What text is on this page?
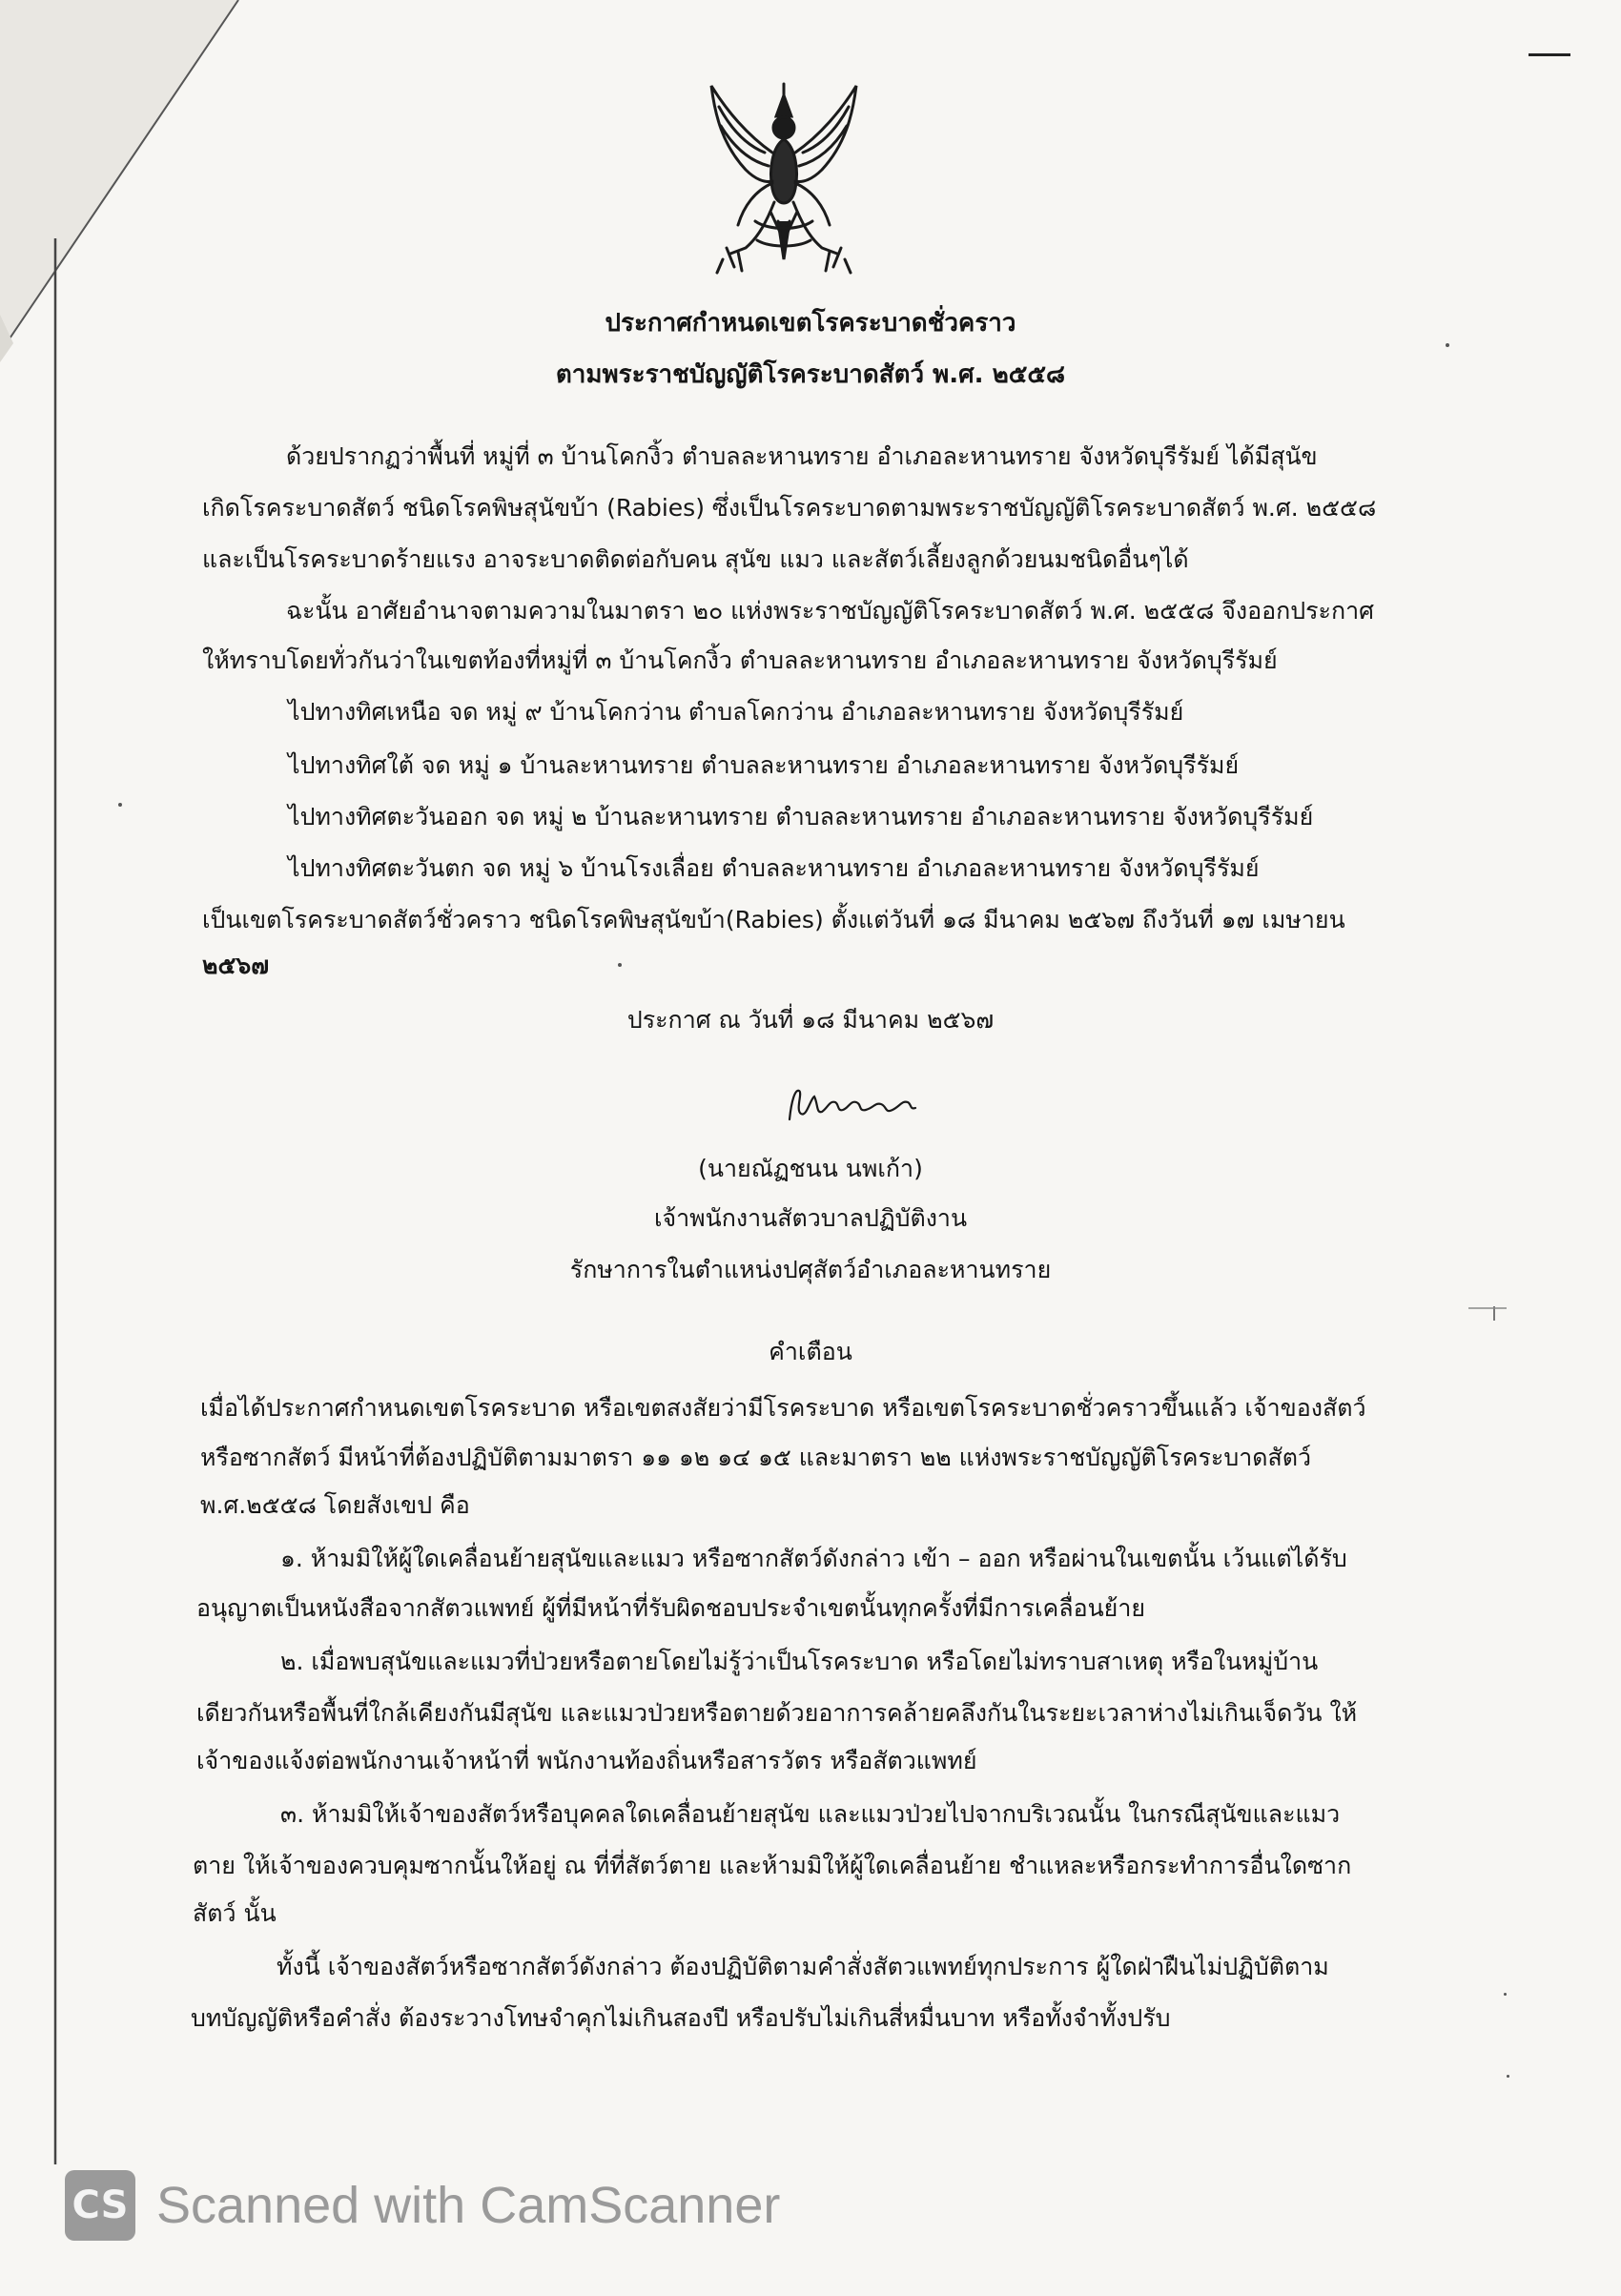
ประกาศกำหนดเขตโรคระบาดชั่วคราว
ตามพระราชบัญญัติโรคระบาดสัตว์ พ.ศ. ๒๕๕๘
ด้วยปรากฏว่าพื้นที่ หมู่ที่ ๓ บ้านโคกงิ้ว ตำบลละหานทราย อำเภอละหานทราย จังหวัดบุรีรัมย์ ได้มีสุนัข
เกิดโรคระบาดสัตว์ ชนิดโรคพิษสุนัขบ้า (Rabies) ซึ่งเป็นโรคระบาดตามพระราชบัญญัติโรคระบาดสัตว์ พ.ศ. ๒๕๕๘
และเป็นโรคระบาดร้ายแรง อาจระบาดติดต่อกับคน สุนัข แมว และสัตว์เลี้ยงลูกด้วยนมชนิดอื่นๆได้
ฉะนั้น อาศัยอำนาจตามความในมาตรา ๒๐ แห่งพระราชบัญญัติโรคระบาดสัตว์ พ.ศ. ๒๕๕๘ จึงออกประกาศ
ให้ทราบโดยทั่วกันว่าในเขตท้องที่หมู่ที่ ๓ บ้านโคกงิ้ว ตำบลละหานทราย อำเภอละหานทราย จังหวัดบุรีรัมย์
ไปทางทิศเหนือ จด หมู่ ๙ บ้านโคกว่าน ตำบลโคกว่าน อำเภอละหานทราย จังหวัดบุรีรัมย์
ไปทางทิศใต้ จด หมู่ ๑ บ้านละหานทราย ตำบลละหานทราย อำเภอละหานทราย จังหวัดบุรีรัมย์
ไปทางทิศตะวันออก จด หมู่ ๒ บ้านละหานทราย ตำบลละหานทราย อำเภอละหานทราย จังหวัดบุรีรัมย์
ไปทางทิศตะวันตก จด หมู่ ๖ บ้านโรงเลื่อย ตำบลละหานทราย อำเภอละหานทราย จังหวัดบุรีรัมย์
เป็นเขตโรคระบาดสัตว์ชั่วคราว ชนิดโรคพิษสุนัขบ้า(Rabies) ตั้งแต่วันที่ ๑๘ มีนาคม ๒๕๖๗ ถึงวันที่ ๑๗ เมษายน
๒๕๖๗
ประกาศ ณ วันที่ ๑๘ มีนาคม ๒๕๖๗
(นายณัฏชนน นพเก้า)
เจ้าพนักงานสัตวบาลปฏิบัติงาน
รักษาการในตำแหน่งปศุสัตว์อำเภอละหานทราย
คำเตือน
เมื่อได้ประกาศกำหนดเขตโรคระบาด หรือเขตสงสัยว่ามีโรคระบาด หรือเขตโรคระบาดชั่วคราวขึ้นแล้ว เจ้าของสัตว์
หรือซากสัตว์ มีหน้าที่ต้องปฏิบัติตามมาตรา ๑๑ ๑๒ ๑๔ ๑๕ และมาตรา ๒๒ แห่งพระราชบัญญัติโรคระบาดสัตว์
พ.ศ.๒๕๕๘ โดยสังเขป คือ
๑. ห้ามมิให้ผู้ใดเคลื่อนย้ายสุนัขและแมว หรือซากสัตว์ดังกล่าว เข้า – ออก หรือผ่านในเขตนั้น เว้นแต่ได้รับ
อนุญาตเป็นหนังสือจากสัตวแพทย์ ผู้ที่มีหน้าที่รับผิดชอบประจำเขตนั้นทุกครั้งที่มีการเคลื่อนย้าย
๒. เมื่อพบสุนัขและแมวที่ป่วยหรือตายโดยไม่รู้ว่าเป็นโรคระบาด หรือโดยไม่ทราบสาเหตุ หรือในหมู่บ้าน
เดียวกันหรือพื้นที่ใกล้เคียงกันมีสุนัข และแมวป่วยหรือตายด้วยอาการคล้ายคลึงกันในระยะเวลาห่างไม่เกินเจ็ดวัน ให้
เจ้าของแจ้งต่อพนักงานเจ้าหน้าที่ พนักงานท้องถิ่นหรือสารวัตร หรือสัตวแพทย์
๓. ห้ามมิให้เจ้าของสัตว์หรือบุคคลใดเคลื่อนย้ายสุนัข และแมวป่วยไปจากบริเวณนั้น ในกรณีสุนัขและแมว
ตาย ให้เจ้าของควบคุมซากนั้นให้อยู่ ณ ที่ที่สัตว์ตาย และห้ามมิให้ผู้ใดเคลื่อนย้าย ชำแหละหรือกระทำการอื่นใดซาก
สัตว์ นั้น
ทั้งนี้ เจ้าของสัตว์หรือซากสัตว์ดังกล่าว ต้องปฏิบัติตามคำสั่งสัตวแพทย์ทุกประการ ผู้ใดฝ่าฝืนไม่ปฏิบัติตาม
บทบัญญัติหรือคำสั่ง ต้องระวางโทษจำคุกไม่เกินสองปี หรือปรับไม่เกินสี่หมื่นบาท หรือทั้งจำทั้งปรับ
CS Scanned with CamScanner
